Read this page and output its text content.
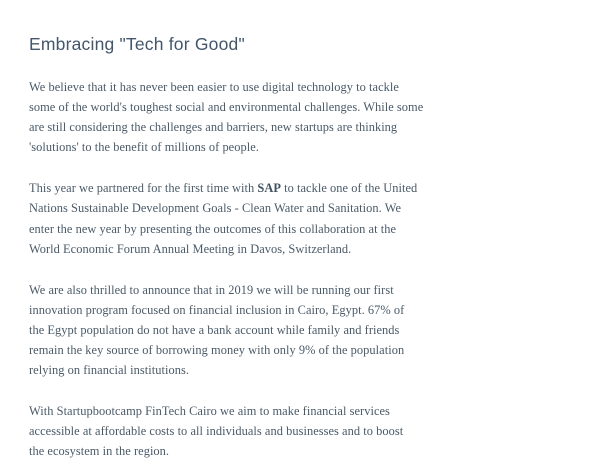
Embracing "Tech for Good"

We believe that it has never been easier to use digital technology to tackle some of the world's toughest social and environmental challenges. While some are still considering the challenges and barriers, new startups are thinking 'solutions' to the benefit of millions of people.

This year we partnered for the first time with SAP to tackle one of the United Nations Sustainable Development Goals - Clean Water and Sanitation. We enter the new year by presenting the outcomes of this collaboration at the World Economic Forum Annual Meeting in Davos, Switzerland.

We are also thrilled to announce that in 2019 we will be running our first innovation program focused on financial inclusion in Cairo, Egypt. 67% of the Egypt population do not have a bank account while family and friends remain the key source of borrowing money with only 9% of the population relying on financial institutions.

With Startupbootcamp FinTech Cairo we aim to make financial services accessible at affordable costs to all individuals and businesses and to boost the ecosystem in the region.
